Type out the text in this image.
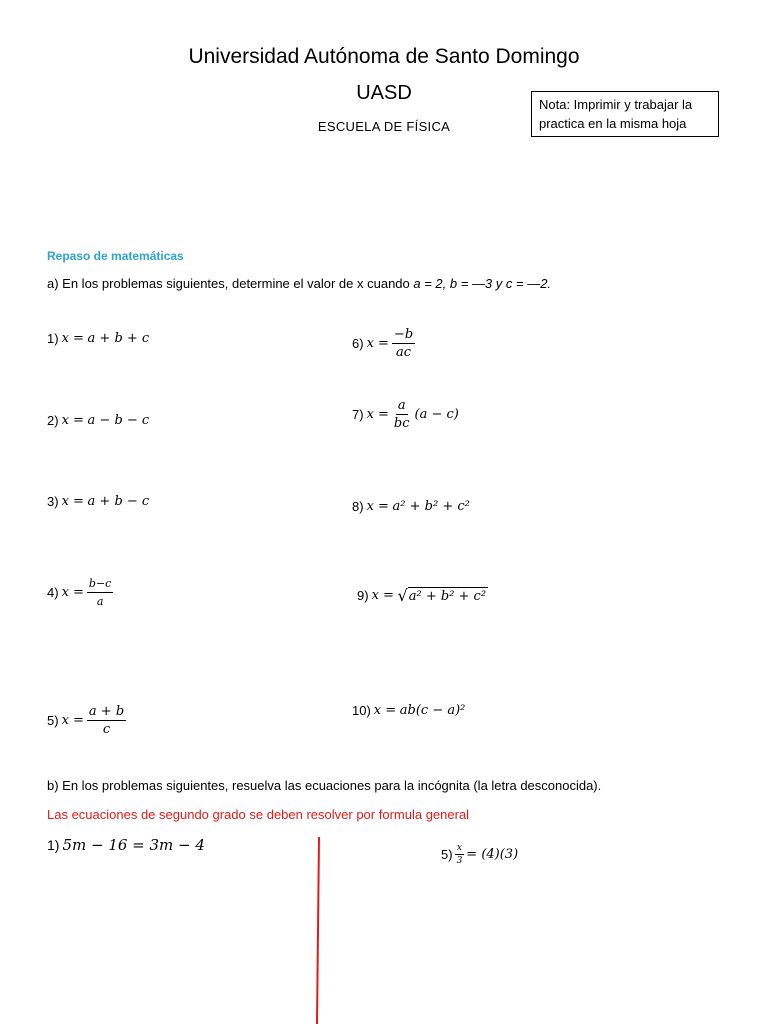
Universidad Autónoma de Santo Domingo
UASD
ESCUELA DE FÍSICA
Nota: Imprimir y trabajar la practica en la misma hoja
Repaso de matemáticas
a) En los problemas siguientes, determine el valor de x cuando a = 2, b = —3 y c = —2.
1) x =
a + b + c
2) x =
a − b − c
3) x =
a + b − c
4) $x = \frac{b-c}{a}$
5) $x = \frac{a + b}{c}$
6) $x = \frac{-b}{ac}$
7) $x = \frac{a}{bc} (a - c)$
8) x =
a² + b² + c²
9) x =
√ a² + b² + c²
10) x =
ab(c − a)²
b) En los problemas siguientes, resuelva las ecuaciones para la incógnita (la letra desconocida).
Las ecuaciones de segundo grado se deben resolver por formula general
1) 5m − 16 = 3m − 4
$5) \frac{x}{3} = (4)(3)$
